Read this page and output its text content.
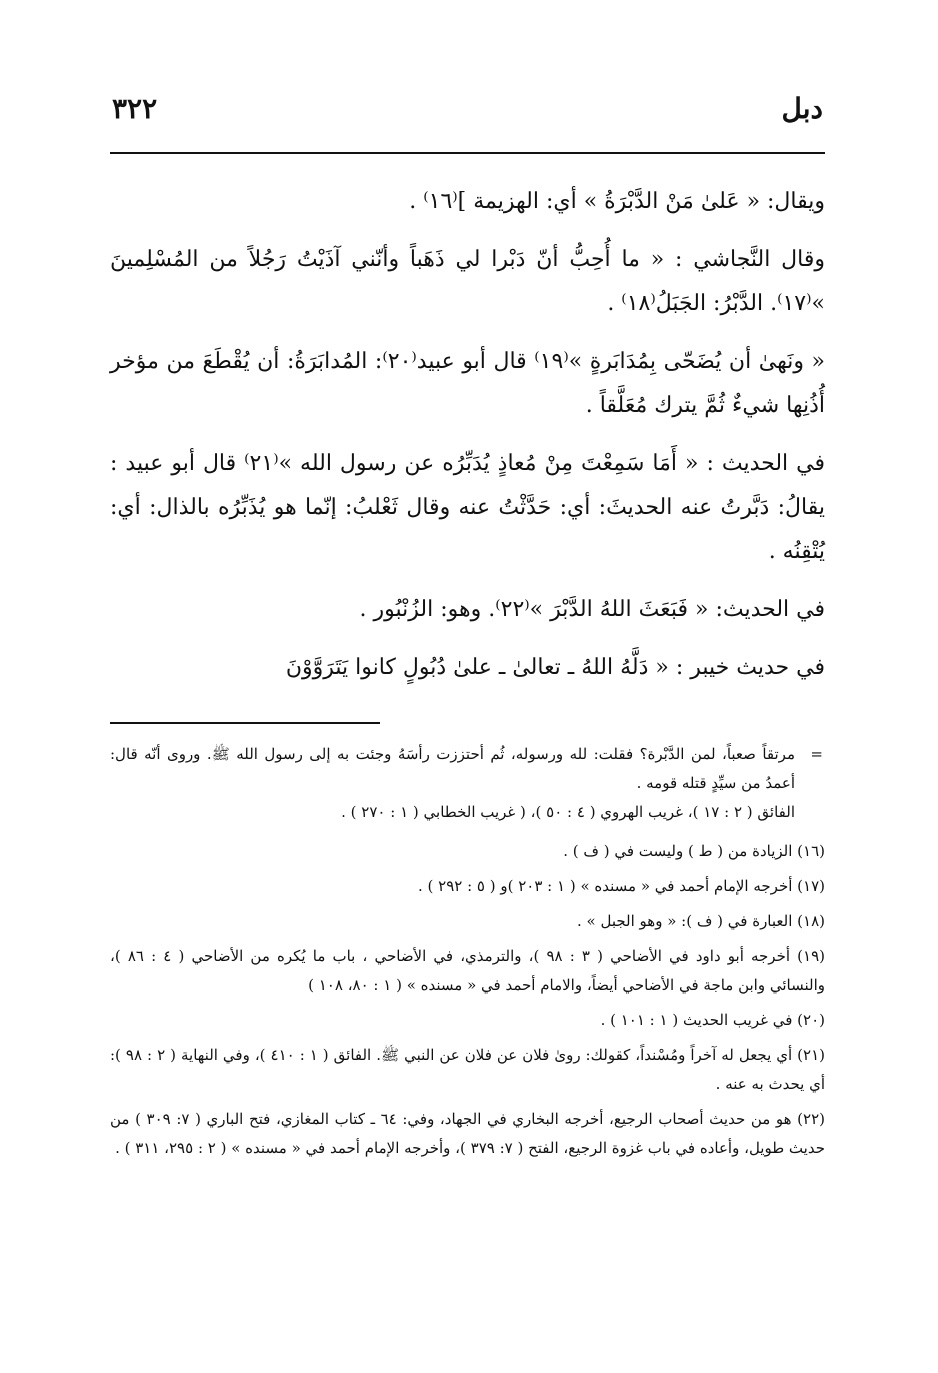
دبل
٣٢٢

ويقال: « عَلىٰ مَنْ الدَّبْرَةُ » أي: الهزيمة ]⁽١٦⁾ .

وقال النَّجاشي : « ما أُحِبُّ أنّ دَبْرا لي ذَهَباً وأنّني آذَيْتُ رَجُلاً من المُسْلِمينَ »⁽١٧⁾. الدَّبْرُ: الجَبَلُ⁽١٨⁾ .

« ونَهىٰ أن يُضَحّى بِمُدَابَرةٍ »⁽١٩⁾ قال أبو عبيد⁽٢٠⁾: المُدابَرَةُ: أن يُقْطَعَ من مؤخر أُذُنِها شيءٌ ثُمَّ يترك مُعَلَّقاً .

في الحديث : « أَمَا سَمِعْتَ مِنْ مُعاذٍ يُدَبِّرُه عن رسول الله »⁽٢١⁾ قال أبو عبيد : يقالُ: دَبَّرتُ عنه الحديثَ: أي: حَدَّثْتُ عنه وقال ثَعْلبُ: إنّما هو يُذَبِّرُه بالذال: أي: يُتْقِنُه .

في الحديث: « فَبَعَثَ اللهُ الدَّبْرَ »⁽٢٢⁾. وهو: الزُنْبُور .

في حديث خيبر : « دَلَّهُ اللهُ ـ تعالىٰ ـ علىٰ دُبُولٍ كانوا يَتَرَوَّوْنَ

=

مرتقاً صعباً، لمن الدَّبْرة؟ فقلت: لله ورسوله، ثُم أحتززت رأسَهُ وجئت به إلى رسول الله ﷺ. وروى أنّه قال: أعمدُ من سيِّدٍ قتله قومه .

الفائق ( ٢ : ١٧ )، غريب الهروي ( ٤ : ٥٠ )، ( غريب الخطابي ( ١ : ٢٧٠ ) .

(١٦) الزيادة من ( ط ) وليست في ( ف ) .

(١٧) أخرجه الإمام أحمد في « مسنده » ( ١ : ٢٠٣ )و ( ٥ : ٢٩٢ ) .

(١٨) العبارة في ( ف ): « وهو الجبل » .

(١٩) أخرجه أبو داود في الأضاحي ( ٣ : ٩٨ )، والترمذي، في الأضاحي ، باب ما يُكره من الأضاحي ( ٤ : ٨٦ )، والنسائي وابن ماجة في الأضاحي أيضاً، والامام أحمد في « مسنده » ( ١ : ٨٠، ١٠٨ )

(٢٠) في غريب الحديث ( ١ : ١٠١ ) .

(٢١) أي يجعل له آخراً ومُسْنداً، كقولك: روىٰ فلان عن فلان عن النبي ﷺ. الفائق ( ١ : ٤١٠ )، وفي النهاية ( ٢ : ٩٨ ): أي يحدث به عنه .

(٢٢) هو من حديث أصحاب الرجيع، أخرجه البخاري في الجهاد، وفي: ٦٤ ـ كتاب المغازي، فتح الباري ( ٧: ٣٠٩ ) من حديث طويل، وأعاده في باب غزوة الرجيع، الفتح ( ٧: ٣٧٩ )، وأخرجه الإمام أحمد في « مسنده » ( ٢ : ٢٩٥، ٣١١ ) .
